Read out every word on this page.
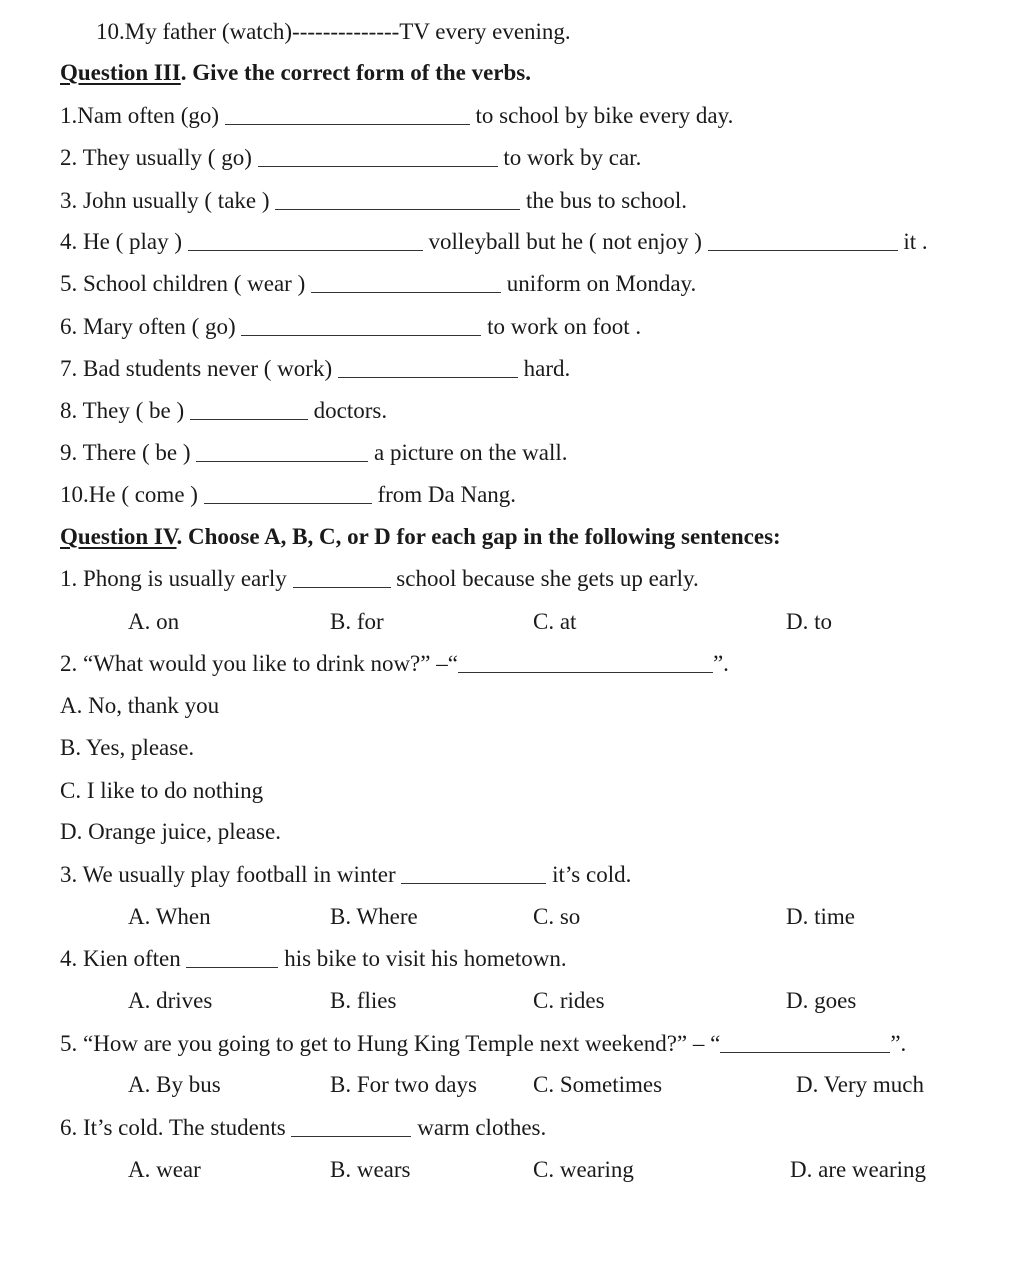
10.My father (watch)--------------TV every evening.
Question III. Give the correct form of the verbs.
1.Nam often (go)	to school by bike every day.
2. They usually ( go)	to work by car.
3. John usually ( take )	the bus to school.
4. He ( play )	volleyball but he ( not enjoy )	it .
5. School children ( wear )	uniform on Monday.
6. Mary often ( go)	to work on foot .
7. Bad students never ( work)	hard.
8. They ( be )	doctors.
9. There ( be )	a picture on the wall.
10.He ( come )	from Da Nang.
Question IV. Choose A, B, C, or D for each gap in the following sentences:
1. Phong is usually early	school because she gets up early.
A. on	B. for	C. at	D. to
2. “What would you like to drink now?” –“	”.
A. No, thank you
B. Yes, please.
C. I like to do nothing
D. Orange juice, please.
3. We usually play football in winter	it’s cold.
A. When	B. Where	C. so	D. time
4. Kien often	his bike to visit his hometown.
A. drives	B. flies	C. rides	D. goes
5. “How are you going to get to Hung King Temple next weekend?” – “	”.
A. By bus	B. For two days C. Sometimes	D. Very much
6. It’s cold. The students	warm clothes.
A. wear	B. wears	C. wearing	D. are wearing
